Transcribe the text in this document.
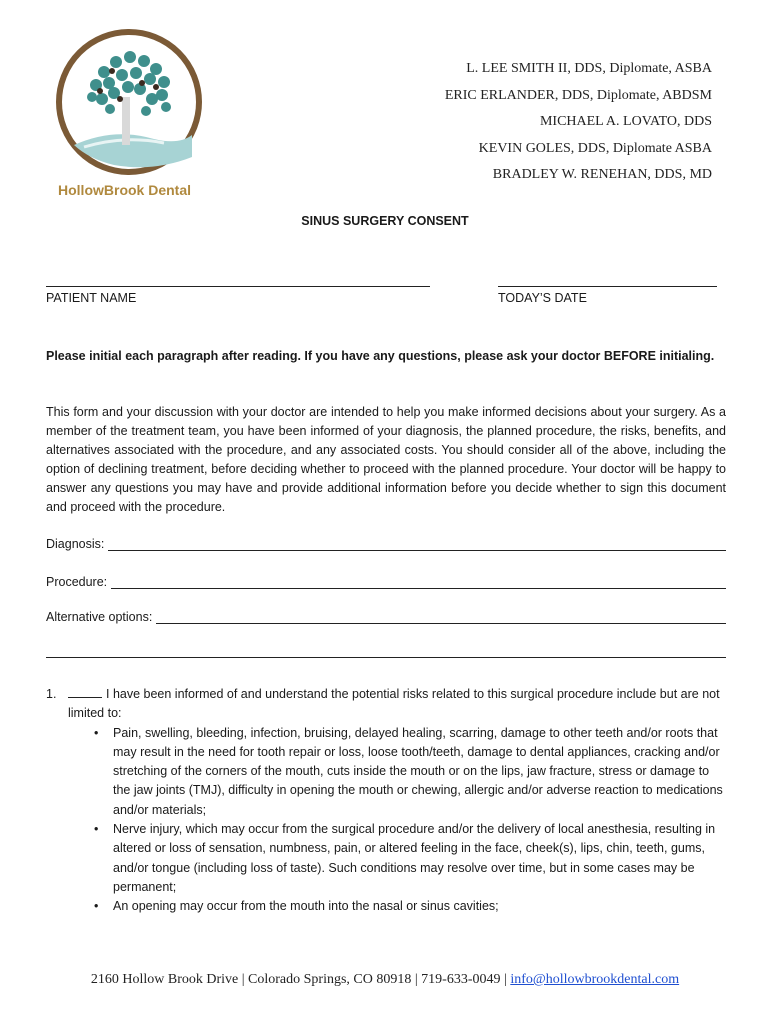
HollowBrook Dental
L. LEE SMITH II, DDS, Diplomate, ASBA
ERIC ERLANDER, DDS, Diplomate, ABDSM
MICHAEL A. LOVATO, DDS
KEVIN GOLES, DDS, Diplomate ASBA
BRADLEY W. RENEHAN, DDS, MD
SINUS SURGERY CONSENT
PATIENT NAME	TODAY’S DATE
Please initial each paragraph after reading. If you have any questions, please ask your doctor BEFORE initialing.
This form and your discussion with your doctor are intended to help you make informed decisions about your surgery. As a member of the treatment team, you have been informed of your diagnosis, the planned procedure, the risks, benefits, and alternatives associated with the procedure, and any associated costs. You should consider all of the above, including the option of declining treatment, before deciding whether to proceed with the planned procedure. Your doctor will be happy to answer any questions you may have and provide additional information before you decide whether to sign this document and proceed with the procedure.
Diagnosis:
Procedure:
Alternative options:
1.	I have been informed of and understand the potential risks related to this surgical procedure include but are not limited to:
• Pain, swelling, bleeding, infection, bruising, delayed healing, scarring, damage to other teeth and/or roots that may result in the need for tooth repair or loss, loose tooth/teeth, damage to dental appliances, cracking and/or stretching of the corners of the mouth, cuts inside the mouth or on the lips, jaw fracture, stress or damage to the jaw joints (TMJ), difficulty in opening the mouth or chewing, allergic and/or adverse reaction to medications and/or materials;
• Nerve injury, which may occur from the surgical procedure and/or the delivery of local anesthesia, resulting in altered or loss of sensation, numbness, pain, or altered feeling in the face, cheek(s), lips, chin, teeth, gums, and/or tongue (including loss of taste). Such conditions may resolve over time, but in some cases may be permanent;
• An opening may occur from the mouth into the nasal or sinus cavities;
2160 Hollow Brook Drive | Colorado Springs, CO 80918 | 719-633-0049 | info@hollowbrookdental.com
